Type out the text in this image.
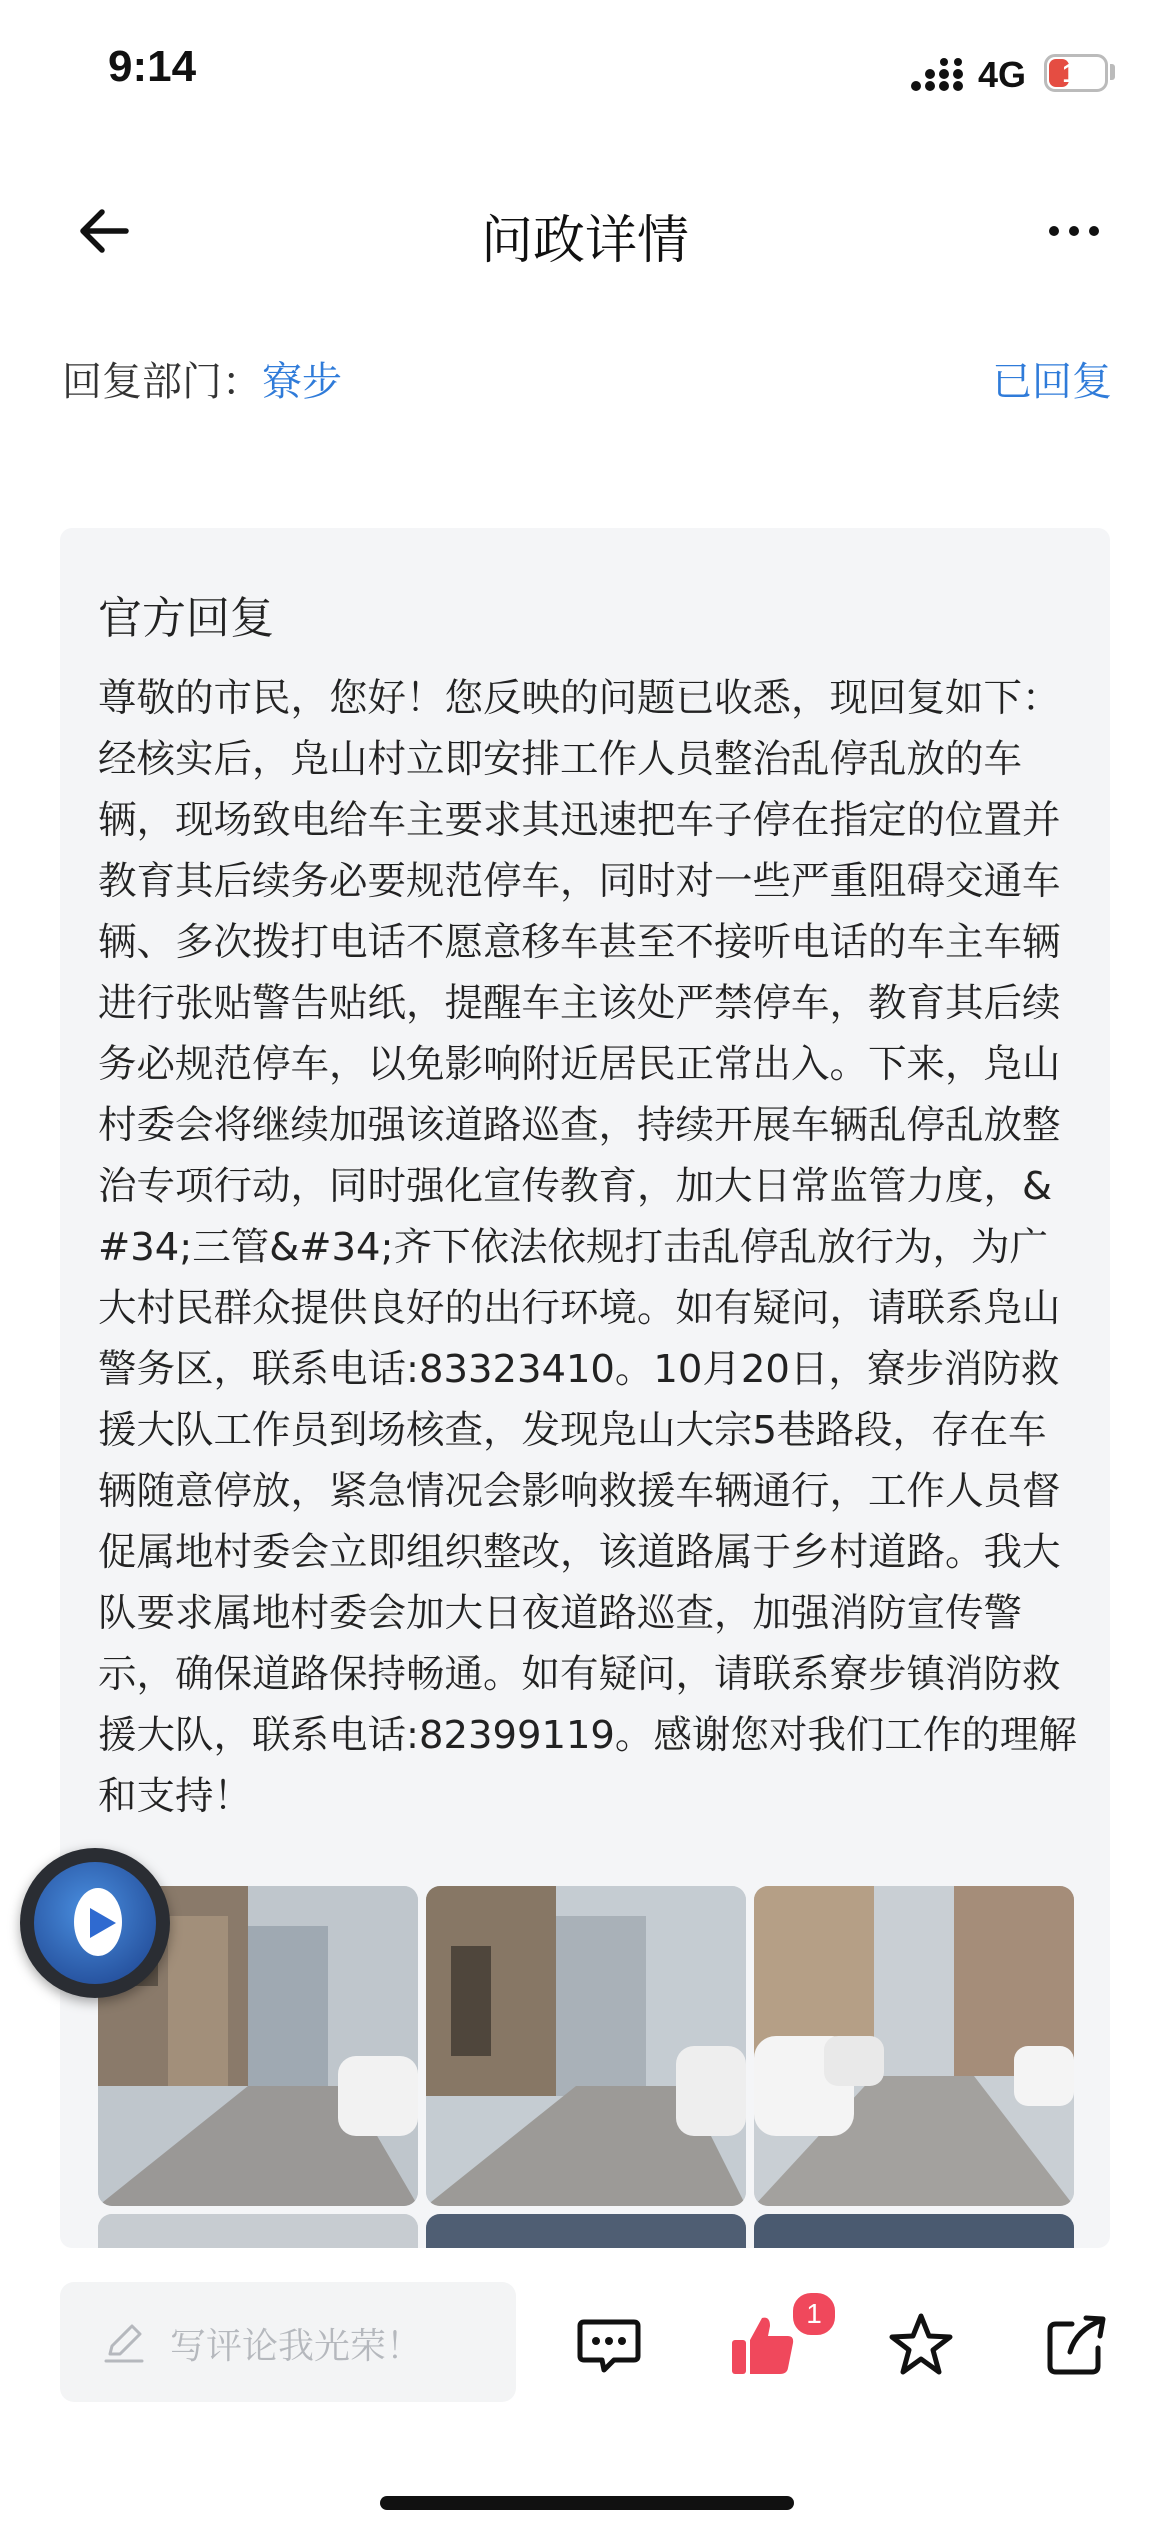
9:14	4G	11
问政详情
回复部门：寮步	已回复
官方回复
尊敬的市民，您好！您反映的问题已收悉，现回复如下：经核实后，凫山村立即安排工作人员整治乱停乱放的车辆，现场致电给车主要求其迅速把车子停在指定的位置并教育其后续务必要规范停车，同时对一些严重阻碍交通车辆、多次拨打电话不愿意移车甚至不接听电话的车主车辆进行张贴警告贴纸，提醒车主该处严禁停车，教育其后续务必规范停车，以免影响附近居民正常出入。下来，凫山村委会将继续加强该道路巡查，持续开展车辆乱停乱放整治专项行动，同时强化宣传教育，加大日常监管力度，&#34;三管&#34;齐下依法依规打击乱停乱放行为，为广大村民群众提供良好的出行环境。如有疑问，请联系凫山警务区，联系电话:83323410。10月20日，寮步消防救援大队工作员到场核查，发现凫山大宗5巷路段，存在车辆随意停放，紧急情况会影响救援车辆通行，工作人员督促属地村委会立即组织整改，该道路属于乡村道路。我大队要求属地村委会加大日夜道路巡查，加强消防宣传警示，确保道路保持畅通。如有疑问，请联系寮步镇消防救援大队，联系电话:82399119。感谢您对我们工作的理解和支持！
写评论我光荣！
1
